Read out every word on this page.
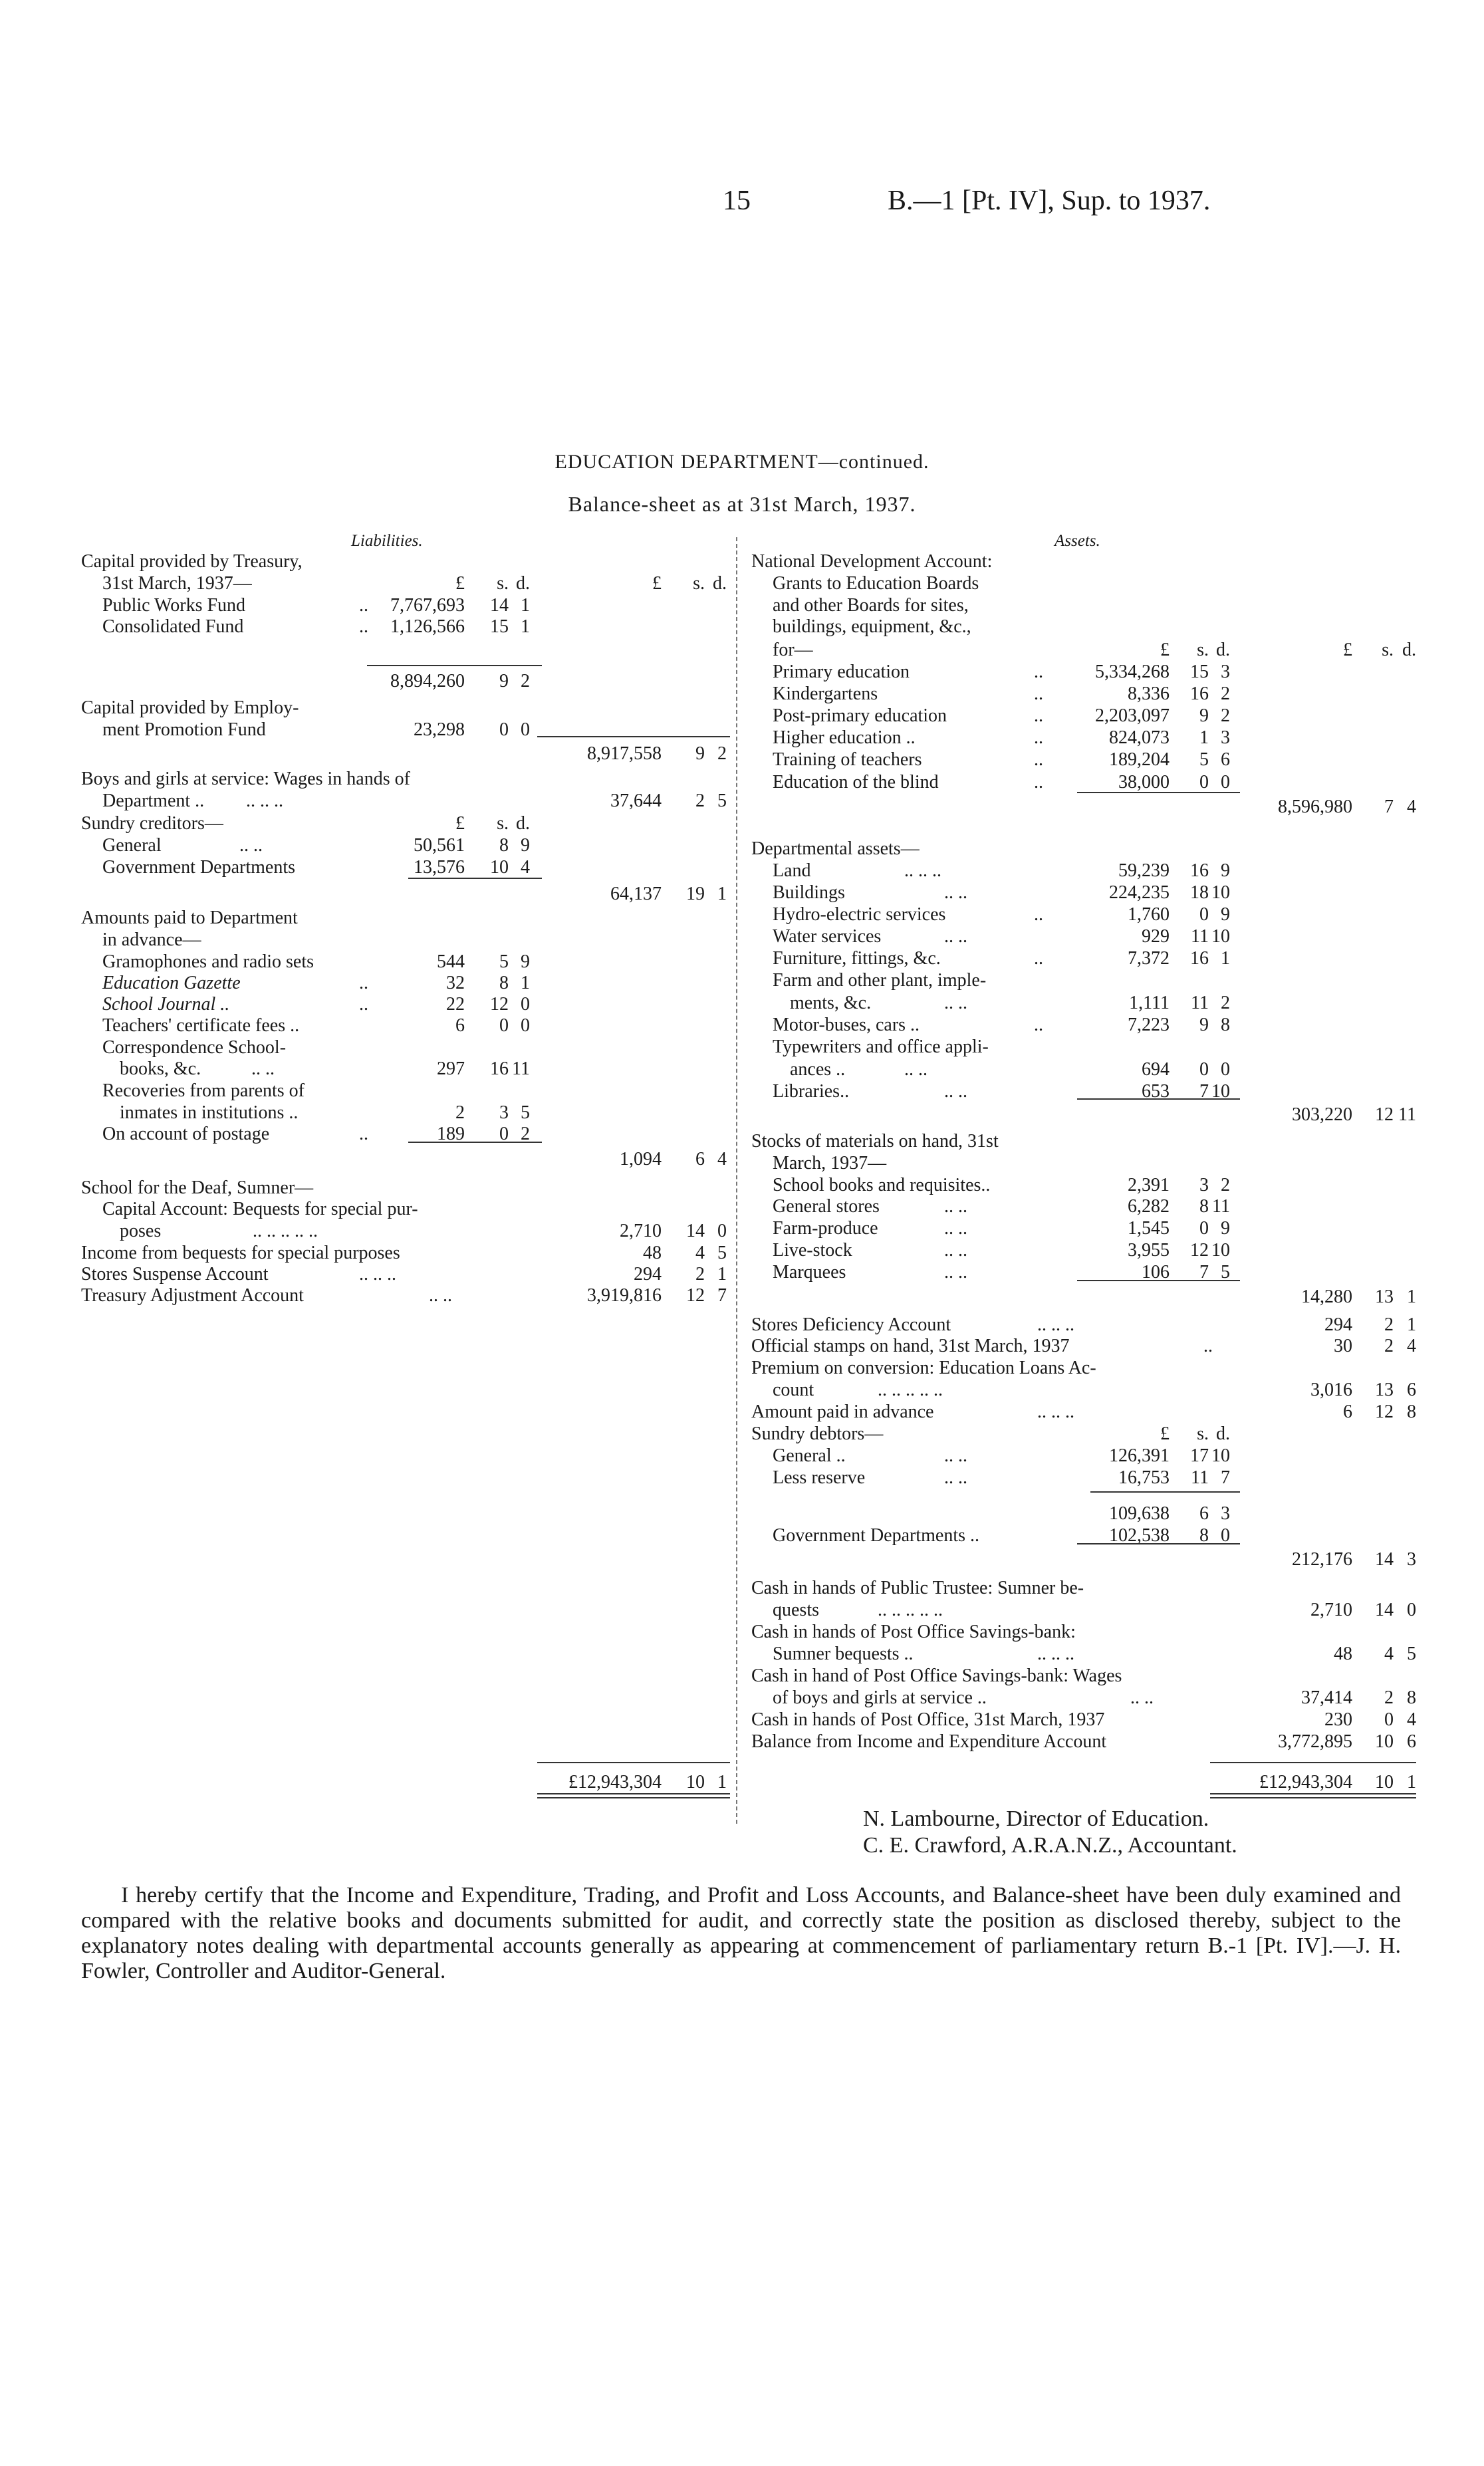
15	B.—1 [Pt. IV], Sup. to 1937.
EDUCATION DEPARTMENT—continued.
Balance-sheet as at 31st March, 1937.
Liabilities.	Assets.
Capital provided by Treasury,
31st March, 1937—	£ s. d.	£ s. d.
Public Works Fund	.. 7,767,693 14 1
Consolidated Fund	.. 1,126,566 15 1
8,894,260 9 2
Capital provided by Employ-
ment Promotion Fund	23,298 0 0
8,917,558 9 2
Boys and girls at service: Wages in hands of
Department .. .. .. ..	37,644 2 5
Sundry creditors—	£ s. d.
General	.. ..	50,561 8 9
Government Departments	13,576 10 4
64,137 19 1
Amounts paid to Department
in advance—
Gramophones and radio sets	544 5 9
Education Gazette	..	32 8 1
School Journal ..	..	22 12 0
Teachers' certificate fees ..	6 0 0
Correspondence School-
books, &c.	.. ..	297 16 11
Recoveries from parents of
inmates in institutions ..	2 3 5
On account of postage	..	189 0 2
1,094 6 4
School for the Deaf, Sumner—
Capital Account: Bequests for special pur-
poses	.. .. .. .. ..	2,710 14 0
Income from bequests for special purposes	48 4 5
Stores Suspense Account	.. .. ..	294 2 1
Treasury Adjustment Account	.. ..	3,919,816 12 7
£12,943,304 10 1
National Development Account:
Grants to Education Boards
and other Boards for sites,
buildings, equipment, &c.,
for—	£ s. d.	£ s. d.
Primary education	..	5,334,268 15 3
Kindergartens	..	8,336 16 2
Post-primary education	..	2,203,097 9 2
Higher education ..	..	824,073 1 3
Training of teachers	..	189,204 5 6
Education of the blind	..	38,000 0 0
8,596,980 7 4
Departmental assets—
Land	.. .. ..	59,239 16 9
Buildings	.. ..	224,235 18 10
Hydro-electric services	..	1,760 0 9
Water services	.. ..	929 11 10
Furniture, fittings, &c.	..	7,372 16 1
Farm and other plant, imple-
ments, &c.	.. ..	1,111 11 2
Motor-buses, cars ..	..	7,223 9 8
Typewriters and office appli-
ances ..	.. ..	694 0 0
Libraries..	.. ..	653 7 10
303,220 12 11
Stocks of materials on hand, 31st
March, 1937—
School books and requisites..	2,391 3 2
General stores	.. ..	6,282 8 11
Farm-produce	.. ..	1,545 0 9
Live-stock	.. ..	3,955 12 10
Marquees	.. ..	106 7 5
14,280 13 1
Stores Deficiency Account	.. .. ..	294 2 1
Official stamps on hand, 31st March, 1937	..	30 2 4
Premium on conversion: Education Loans Ac-
count	.. .. .. .. ..	3,016 13 6
Amount paid in advance	.. .. ..	6 12 8
Sundry debtors—	£ s. d.
General ..	.. ..	126,391 17 10
Less reserve	.. ..	16,753 11 7
109,638 6 3
Government Departments ..	102,538 8 0
212,176 14 3
Cash in hands of Public Trustee: Sumner be-
quests	.. .. .. .. ..	2,710 14 0
Cash in hands of Post Office Savings-bank:
Sumner bequests ..	.. .. ..	48 4 5
Cash in hand of Post Office Savings-bank: Wages
of boys and girls at service ..	.. ..	37,414 2 8
Cash in hands of Post Office, 31st March, 1937	230 0 4
Balance from Income and Expenditure Account	3,772,895 10 6
£12,943,304 10 1
N. Lambourne, Director of Education.
C. E. Crawford, A.R.A.N.Z., Accountant.
I hereby certify that the Income and Expenditure, Trading, and Profit and Loss Accounts, and Balance-sheet have been duly examined and compared with the relative books and documents submitted for audit, and correctly state the position as disclosed thereby, subject to the explanatory notes dealing with departmental accounts generally as appearing at commencement of parliamentary return B.-1 [Pt. IV].—J. H. Fowler, Controller and Auditor-General.
